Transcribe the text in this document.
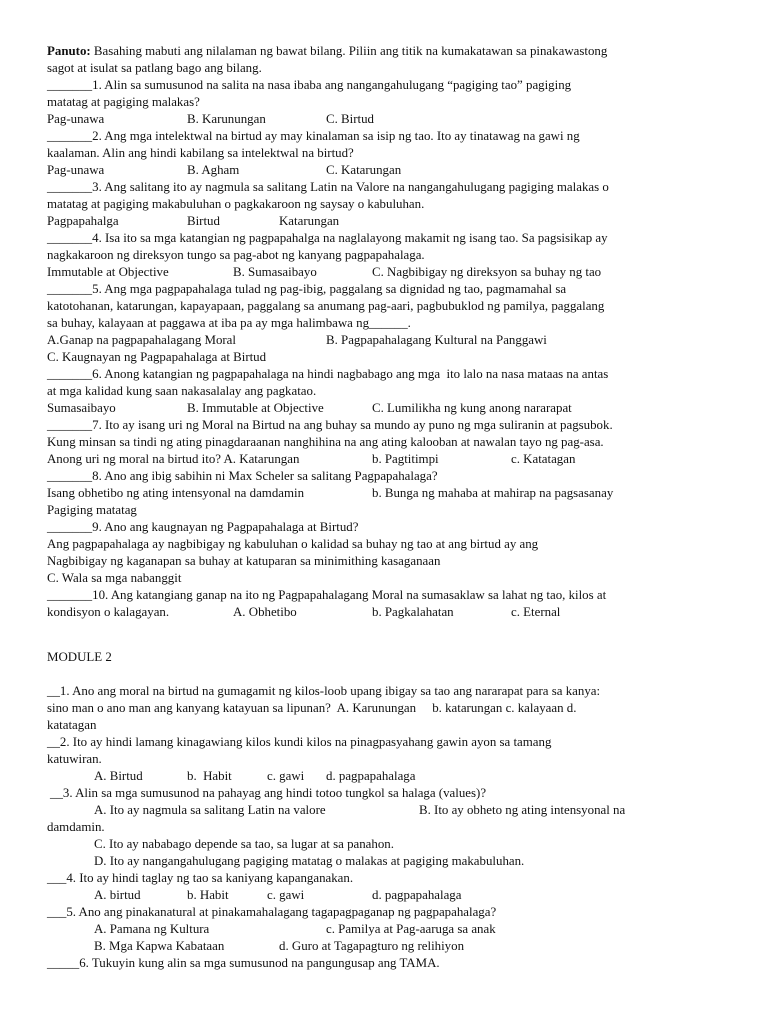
Panuto: Basahing mabuti ang nilalaman ng bawat bilang. Piliin ang titik na kumakatawan sa pinakawastong
sagot at isulat sa patlang bago ang bilang.
_______1. Alin sa sumusunod na salita na nasa ibaba ang nangangahulugang “pagiging tao” pagiging
matatag at pagiging malakas?
Pag-unawa	B. Karunungan	C. Birtud
_______2. Ang mga intelektwal na birtud ay may kinalaman sa isip ng tao. Ito ay tinatawag na gawi ng
kaalaman. Alin ang hindi kabilang sa intelektwal na birtud?
Pag-unawa	B. Agham	C. Katarungan
_______3. Ang salitang ito ay nagmula sa salitang Latin na Valore na nangangahulugang pagiging malakas o
matatag at pagiging makabuluhan o pagkakaroon ng saysay o kabuluhan.
Pagpapahalga	Birtud	Katarungan
_______4. Isa ito sa mga katangian ng pagpapahalga na naglalayong makamit ng isang tao. Sa pagsisikap ay
nagkakaroon ng direksyon tungo sa pag-abot ng kanyang pagpapahalaga.
Immutable at Objective	B. Sumasaibayo	C. Nagbibigay ng direksyon sa buhay ng tao
_______5. Ang mga pagpapahalaga tulad ng pag-ibig, paggalang sa dignidad ng tao, pagmamahal sa
katotohanan, katarungan, kapayapaan, paggalang sa anumang pag-aari, pagbubuklod ng pamilya, paggalang
sa buhay, kalayaan at paggawa at iba pa ay mga halimbawa ng______.
A.Ganap na pagpapahalagang Moral	B. Pagpapahalagang Kultural na Panggawi
C. Kaugnayan ng Pagpapahalaga at Birtud
_______6. Anong katangian ng pagpapahalaga na hindi nagbabago ang mga  ito lalo na nasa mataas na antas
at mga kalidad kung saan nakasalalay ang pagkatao.
Sumasaibayo	B. Immutable at Objective	C. Lumilikha ng kung anong nararapat
_______7. Ito ay isang uri ng Moral na Birtud na ang buhay sa mundo ay puno ng mga suliranin at pagsubok.
Kung minsan sa tindi ng ating pinagdaraanan nanghihina na ang ating kalooban at nawalan tayo ng pag-asa.
Anong uri ng moral na birtud ito? A. Katarungan	b. Pagtitimpi	c. Katatagan
_______8. Ano ang ibig sabihin ni Max Scheler sa salitang Pagpapahalaga?
Isang obhetibo ng ating intensyonal na damdamin	b. Bunga ng mahaba at mahirap na pagsasanay
Pagiging matatag
_______9. Ano ang kaugnayan ng Pagpapahalaga at Birtud?
Ang pagpapahalaga ay nagbibigay ng kabuluhan o kalidad sa buhay ng tao at ang birtud ay ang
Nagbibigay ng kaganapan sa buhay at katuparan sa minimithing kasaganaan
C. Wala sa mga nabanggit
_______10. Ang katangiang ganap na ito ng Pagpapahalagang Moral na sumasaklaw sa lahat ng tao, kilos at
kondisyon o kalagayan.	A. Obhetibo	b. Pagkalahatan	c. Eternal
MODULE 2
__1. Ano ang moral na birtud na gumagamit ng kilos-loob upang ibigay sa tao ang nararapat para sa kanya:
sino man o ano man ang kanyang katayuan sa lipunan?  A. Karunungan     b. katarungan c. kalayaan d.
katatagan
__2. Ito ay hindi lamang kinagawiang kilos kundi kilos na pinagpasyahang gawin ayon sa tamang
katuwiran.
A. Birtud	b.  Habit	c. gawi d. pagpapahalaga
__3. Alin sa mga sumusunod na pahayag ang hindi totoo tungkol sa halaga (values)?
A. Ito ay nagmula sa salitang Latin na valore	B. Ito ay obheto ng ating intensyonal na
damdamin.
C. Ito ay nababago depende sa tao, sa lugar at sa panahon.
D. Ito ay nangangahulugang pagiging matatag o malakas at pagiging makabuluhan.
___4. Ito ay hindi taglay ng tao sa kaniyang kapanganakan.
A. birtud	b. Habit	c. gawi	d. pagpapahalaga
___5. Ano ang pinakanatural at pinakamahalagang tagapagpaganap ng pagpapahalaga?
A. Pamana ng Kultura	c. Pamilya at Pag-aaruga sa anak
B. Mga Kapwa Kabataan	d. Guro at Tagapagturo ng relihiyon
_____6. Tukuyin kung alin sa mga sumusunod na pangungusap ang TAMA.
